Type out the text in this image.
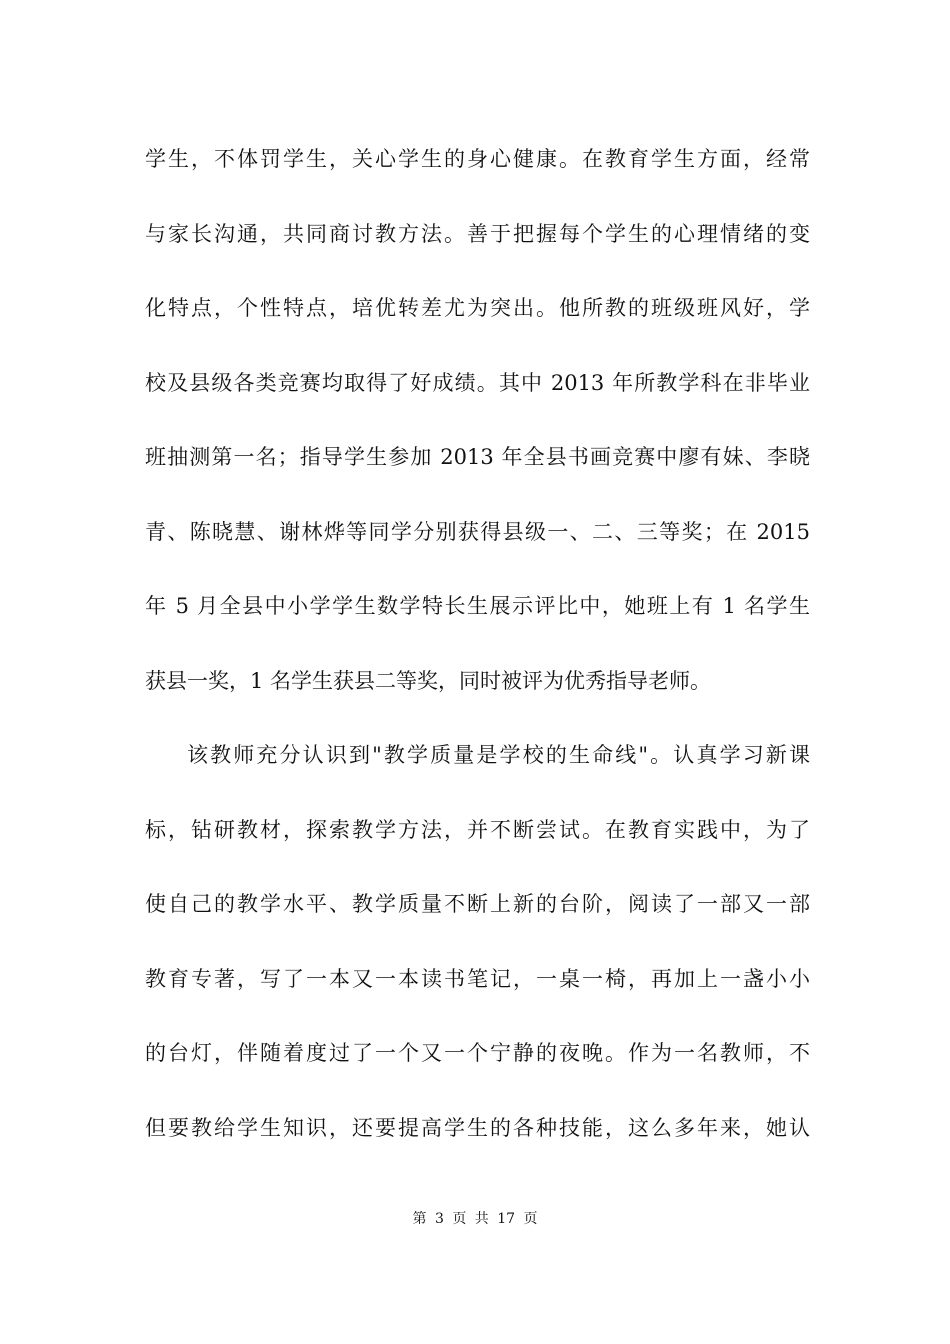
学生，不体罚学生，关心学生的身心健康。在教育学生方面，经常
与家长沟通，共同商讨教方法。善于把握每个学生的心理情绪的变
化特点，个性特点，培优转差尤为突出。他所教的班级班风好，学
校及县级各类竞赛均取得了好成绩。其中 2013 年所教学科在非毕业
班抽测第一名；指导学生参加 2013 年全县书画竞赛中廖有妹、李晓
青、陈晓慧、谢林烨等同学分别获得县级一、二、三等奖；在 2015
年 5 月全县中小学学生数学特长生展示评比中，她班上有 1 名学生
获县一奖，1 名学生获县二等奖，同时被评为优秀指导老师。
该教师充分认识到"教学质量是学校的生命线"。认真学习新课
标，钻研教材，探索教学方法，并不断尝试。在教育实践中，为了
使自己的教学水平、教学质量不断上新的台阶，阅读了一部又一部
教育专著，写了一本又一本读书笔记，一桌一椅，再加上一盏小小
的台灯，伴随着度过了一个又一个宁静的夜晚。作为一名教师，不
但要教给学生知识，还要提高学生的各种技能，这么多年来，她认
第 3 页 共 17 页
